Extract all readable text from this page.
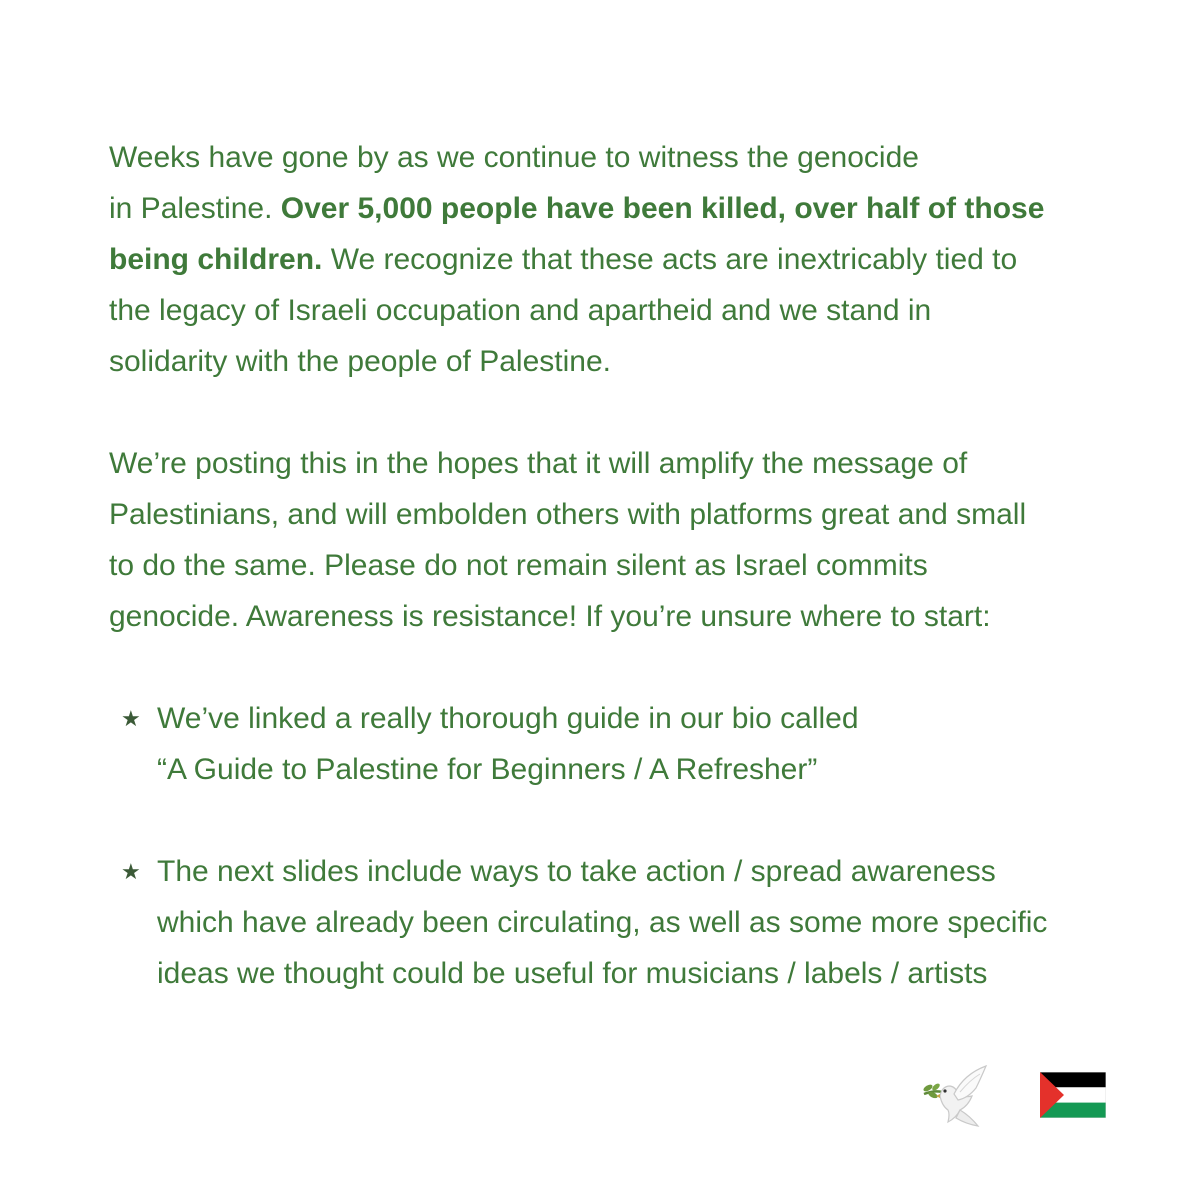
Weeks have gone by as we continue to witness the genocide
in Palestine. Over 5,000 people have been killed, over half of those
being children. We recognize that these acts are inextricably tied to
the legacy of Israeli occupation and apartheid and we stand in
solidarity with the people of Palestine.

We’re posting this in the hopes that it will amplify the message of
Palestinians, and will embolden others with platforms great and small
to do the same. Please do not remain silent as Israel commits
genocide. Awareness is resistance! If you’re unsure where to start:

★ We’ve linked a really thorough guide in our bio called
“A Guide to Palestine for Beginners / A Refresher”
★ The next slides include ways to take action / spread awareness
which have already been circulating, as well as some more specific
ideas we thought could be useful for musicians / labels / artists
